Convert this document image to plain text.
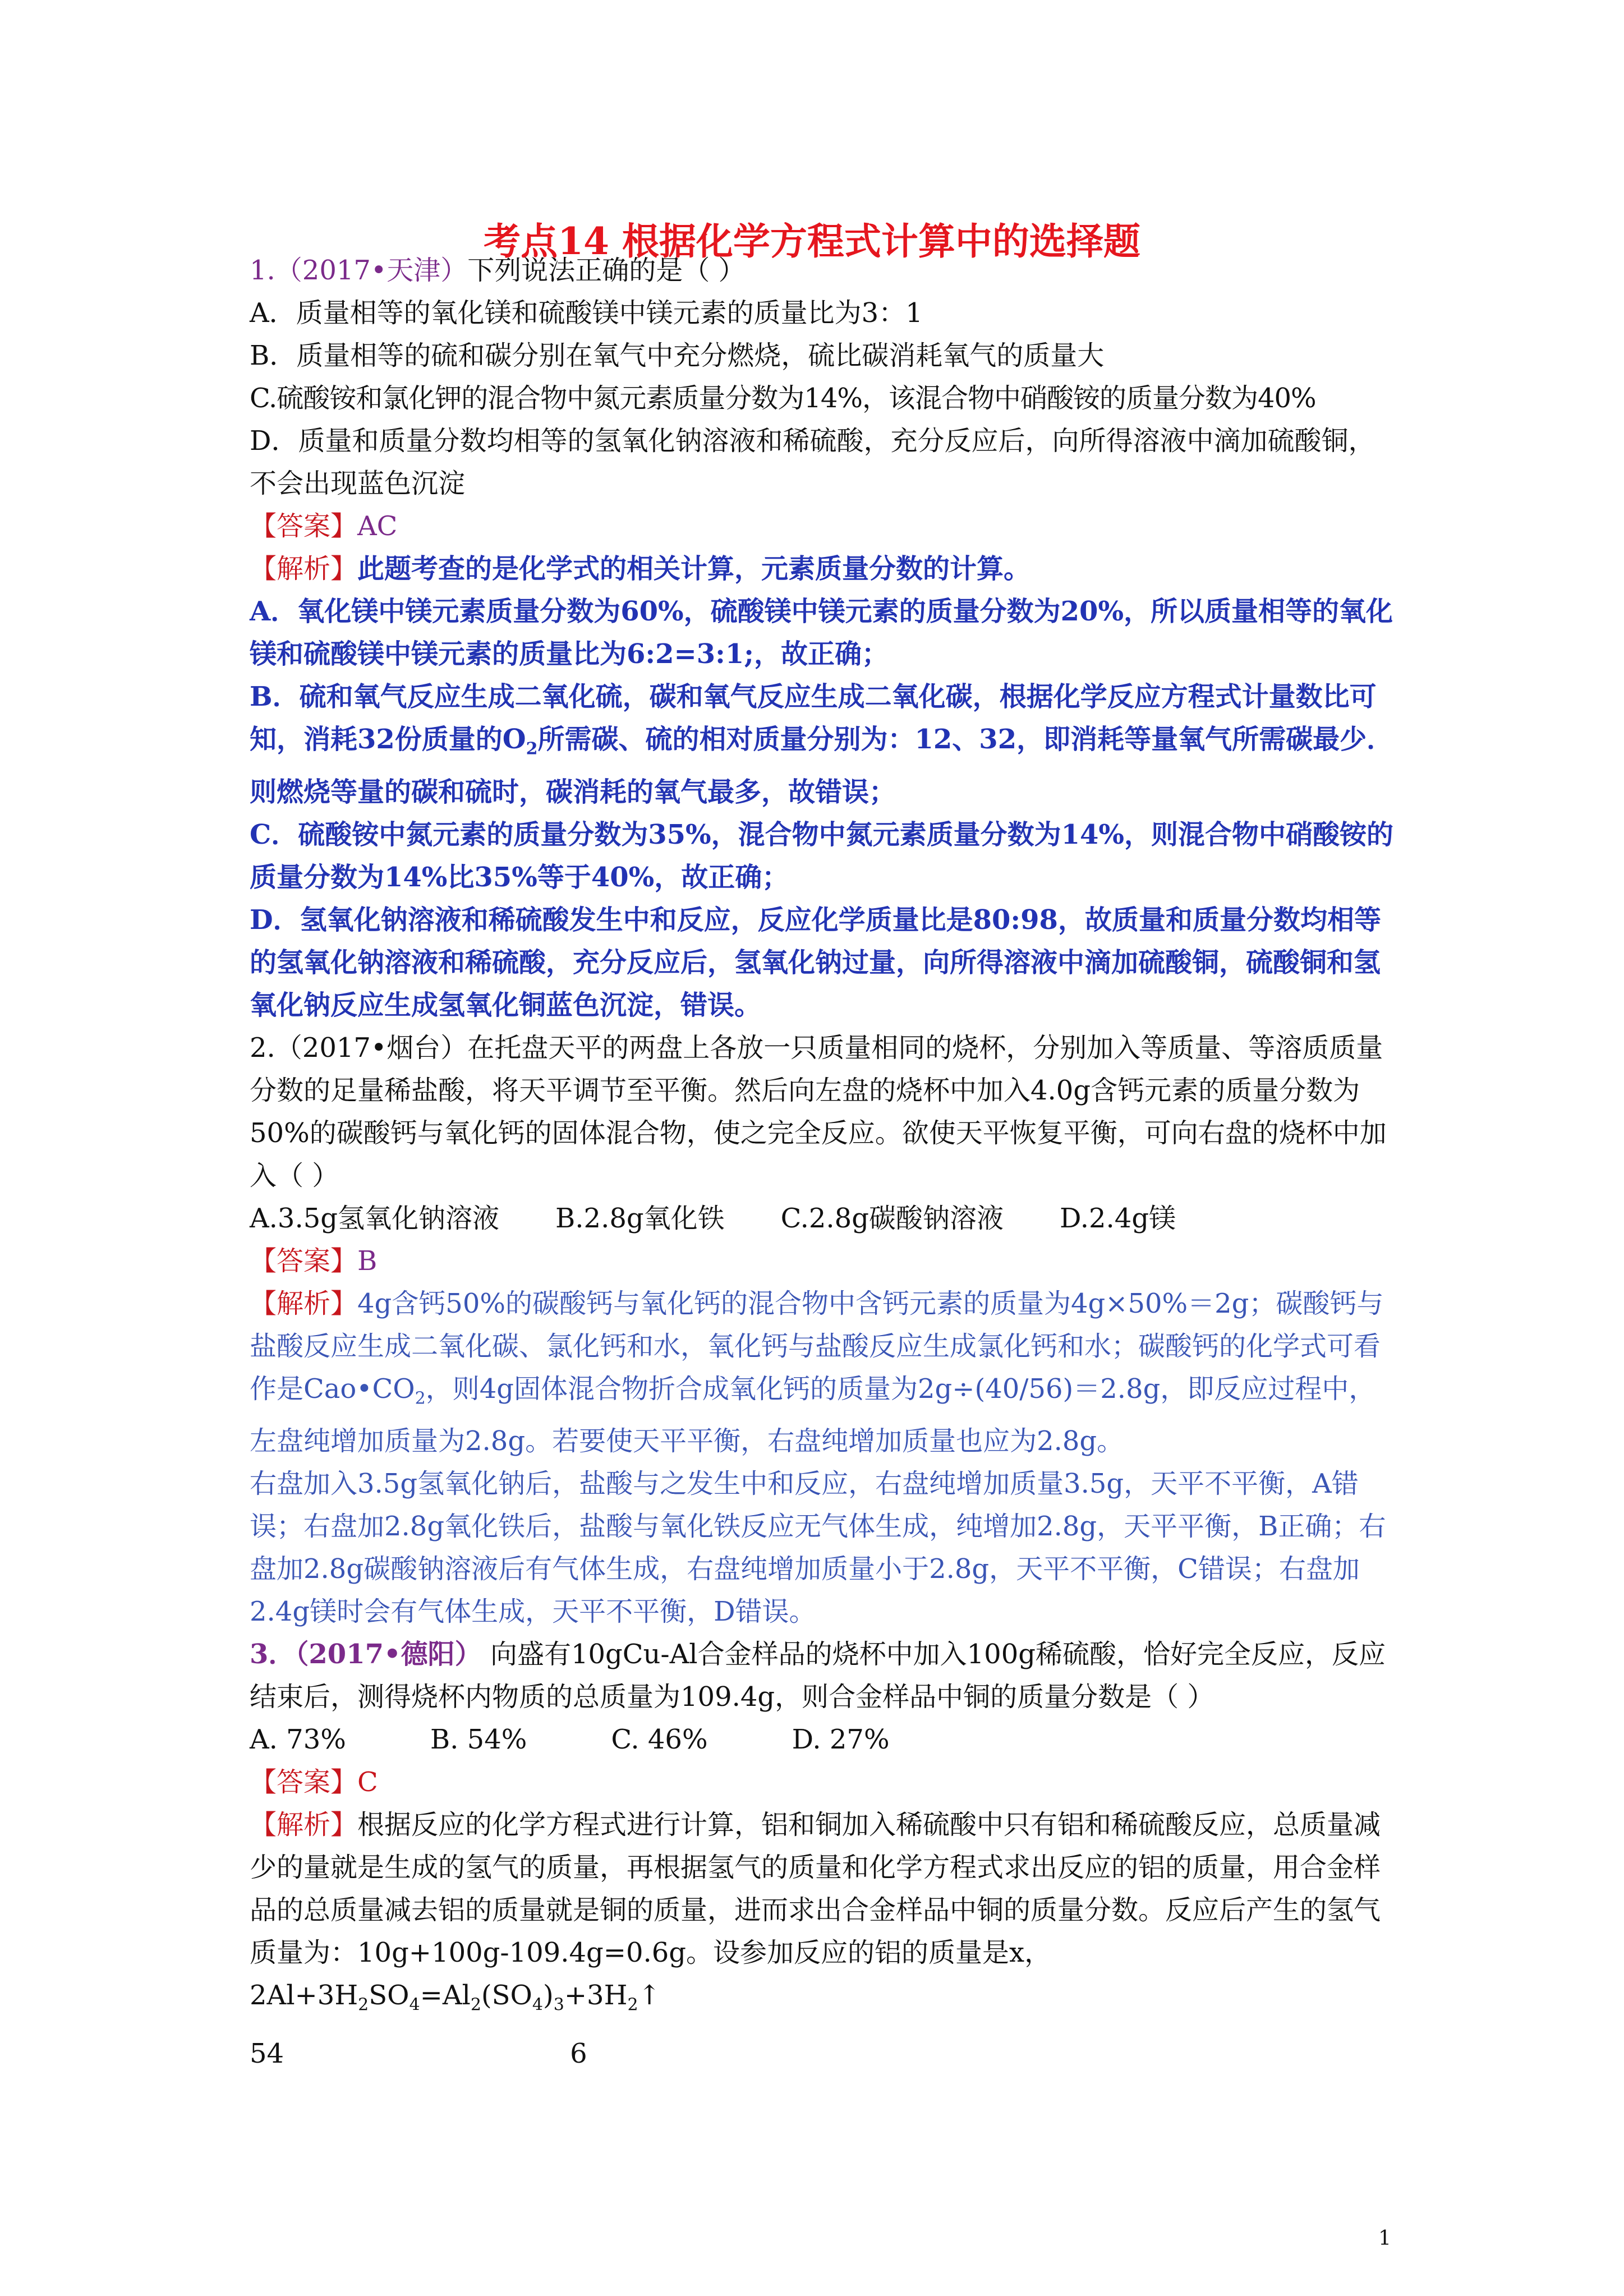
考点14 根据化学方程式计算中的选择题

1.（2017•天津）下列说法正确的是（ ）

A．质量相等的氧化镁和硫酸镁中镁元素的质量比为3：1

B．质量相等的硫和碳分别在氧气中充分燃烧，硫比碳消耗氧气的质量大

C.硫酸铵和氯化钾的混合物中氮元素质量分数为14%，该混合物中硝酸铵的质量分数为40%

D．质量和质量分数均相等的氢氧化钠溶液和稀硫酸，充分反应后，向所得溶液中滴加硫酸铜，不会出现蓝色沉淀

【答案】AC

【解析】此题考查的是化学式的相关计算，元素质量分数的计算。

A．氧化镁中镁元素质量分数为60%，硫酸镁中镁元素的质量分数为20%，所以质量相等的氧化镁和硫酸镁中镁元素的质量比为6:2=3:1;，故正确；

B．硫和氧气反应生成二氧化硫，碳和氧气反应生成二氧化碳，根据化学反应方程式计量数比可知，消耗32份质量的$O_2$所需碳、硫的相对质量分别为：12、32，即消耗等量氧气所需碳最少．则燃烧等量的碳和硫时，碳消耗的氧气最多，故错误；

C．硫酸铵中氮元素的质量分数为35%，混合物中氮元素质量分数为14%，则混合物中硝酸铵的质量分数为14%比35%等于40%，故正确；

D．氢氧化钠溶液和稀硫酸发生中和反应，反应化学质量比是80:98，故质量和质量分数均相等的氢氧化钠溶液和稀硫酸，充分反应后，氢氧化钠过量，向所得溶液中滴加硫酸铜，硫酸铜和氢氧化钠反应生成氢氧化铜蓝色沉淀，错误。

2.（2017•烟台）在托盘天平的两盘上各放一只质量相同的烧杯，分别加入等质量、等溶质质量分数的足量稀盐酸，将天平调节至平衡。然后向左盘的烧杯中加入4.0g含钙元素的质量分数为50%的碳酸钙与氧化钙的固体混合物，使之完全反应。欲使天平恢复平衡，可向右盘的烧杯中加入（ ）

A.3.5g氢氧化钠溶液 B.2.8g氧化铁 C.2.8g碳酸钠溶液 D.2.4g镁

【答案】B

【解析】4g含钙50%的碳酸钙与氧化钙的混合物中含钙元素的质量为4g×50%＝2g；碳酸钙与盐酸反应生成二氧化碳、氯化钙和水，氧化钙与盐酸反应生成氯化钙和水；碳酸钙的化学式可看作是$Cao•CO_2$，则4g固体混合物折合成氧化钙的质量为2g÷(40/56)＝2.8g，即反应过程中，左盘纯增加质量为2.8g。若要使天平平衡，右盘纯增加质量也应为2.8g。

右盘加入3.5g氢氧化钠后，盐酸与之发生中和反应，右盘纯增加质量3.5g，天平不平衡，A错误；右盘加2.8g氧化铁后，盐酸与氧化铁反应无气体生成，纯增加2.8g，天平平衡，B正确；右盘加2.8g碳酸钠溶液后有气体生成，右盘纯增加质量小于2.8g，天平不平衡，C错误；右盘加2.4g镁时会有气体生成，天平不平衡，D错误。

3．（2017•德阳） 向盛有10gCu-Al合金样品的烧杯中加入100g稀硫酸，恰好完全反应，反应结束后，测得烧杯内物质的总质量为109.4g，则合金样品中铜的质量分数是（ ）

A. 73%	B. 54%	C. 46%	D. 27%

【答案】C

【解析】根据反应的化学方程式进行计算，铝和铜加入稀硫酸中只有铝和稀硫酸反应，总质量减少的量就是生成的氢气的质量，再根据氢气的质量和化学方程式求出反应的铝的质量，用合金样品的总质量减去铝的质量就是铜的质量，进而求出合金样品中铜的质量分数。反应后产生的氢气质量为：10g+100g-109.4g=0.6g。设参加反应的铝的质量是x，

$2Al+3H_2SO_4=Al_2(SO_4)_3+3H_2↑$

54	6

1
